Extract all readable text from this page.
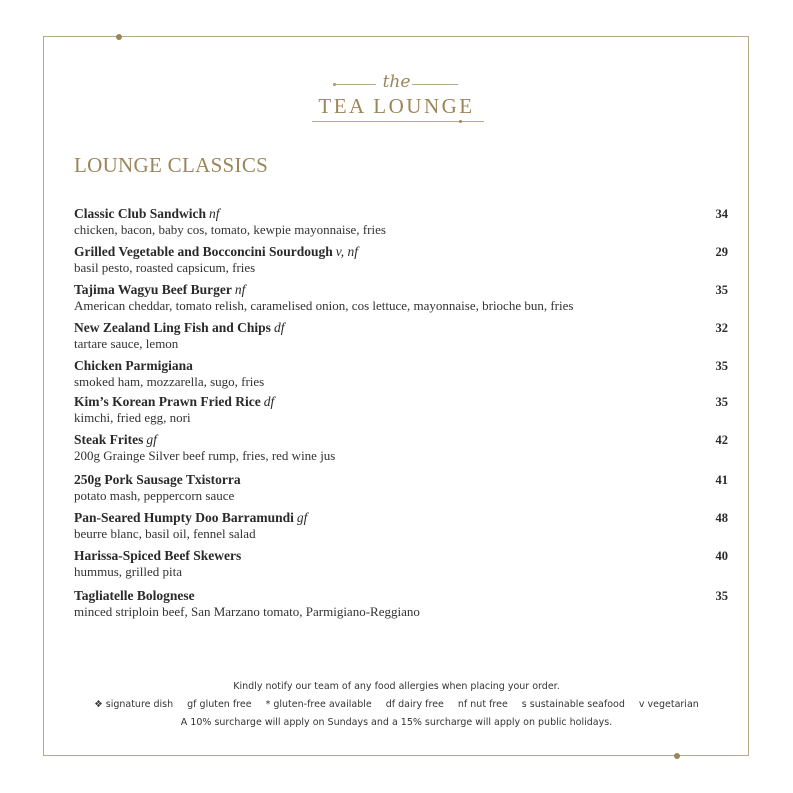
the
TEA LOUNGE
LOUNGE CLASSICS
Classic Club Sandwich nf
chicken, bacon, baby cos, tomato, kewpie mayonnaise, fries
34
Grilled Vegetable and Bocconcini Sourdough v, nf
basil pesto, roasted capsicum, fries
29
Tajima Wagyu Beef Burger nf
American cheddar, tomato relish, caramelised onion, cos lettuce, mayonnaise, brioche bun, fries
35
New Zealand Ling Fish and Chips df
tartare sauce, lemon
32
Chicken Parmigiana
smoked ham, mozzarella, sugo, fries
35
Kim’s Korean Prawn Fried Rice df
kimchi, fried egg, nori
35
Steak Frites gf
200g Grainge Silver beef rump, fries, red wine jus
42
250g Pork Sausage Txistorra
potato mash, peppercorn sauce
41
Pan-Seared Humpty Doo Barramundi gf
beurre blanc, basil oil, fennel salad
48
Harissa-Spiced Beef Skewers
hummus, grilled pita
40
Tagliatelle Bolognese
minced striploin beef, San Marzano tomato, Parmigiano-Reggiano
35
Kindly notify our team of any food allergies when placing your order.
❖ signature dish gf gluten free * gluten-free available df dairy free nf nut free s sustainable seafood v vegetarian
A 10% surcharge will apply on Sundays and a 15% surcharge will apply on public holidays.
